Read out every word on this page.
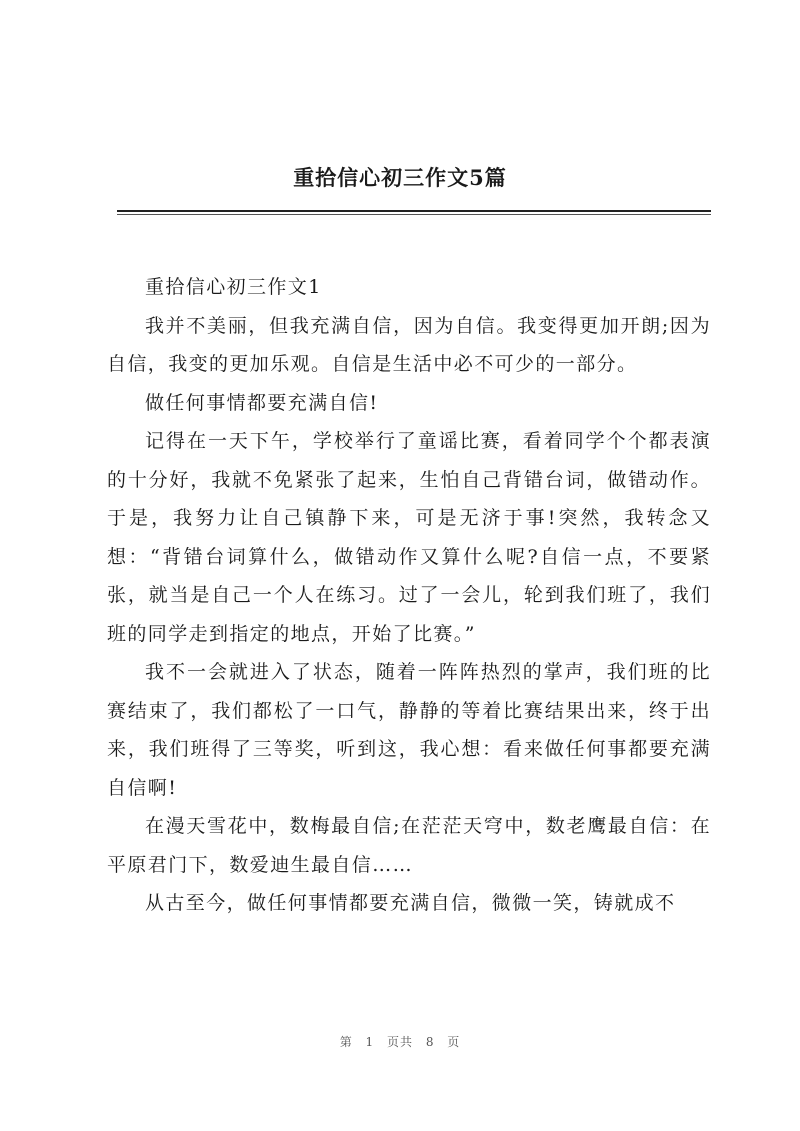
重拾信心初三作文5篇

重拾信心初三作文1

我并不美丽，但我充满自信，因为自信。我变得更加开朗;因为自信，我变的更加乐观。自信是生活中必不可少的一部分。

做任何事情都要充满自信!

记得在一天下午，学校举行了童谣比赛，看着同学个个都表演的十分好，我就不免紧张了起来，生怕自己背错台词，做错动作。于是，我努力让自己镇静下来，可是无济于事!突然，我转念又想：“背错台词算什么，做错动作又算什么呢?自信一点，不要紧张，就当是自己一个人在练习。过了一会儿，轮到我们班了，我们班的同学走到指定的地点，开始了比赛。”

我不一会就进入了状态，随着一阵阵热烈的掌声，我们班的比赛结束了，我们都松了一口气，静静的等着比赛结果出来，终于出来，我们班得了三等奖，听到这，我心想：看来做任何事都要充满自信啊!

在漫天雪花中，数梅最自信;在茫茫天穹中，数老鹰最自信：在平原君门下，数爱迪生最自信……

从古至今，做任何事情都要充满自信，微微一笑，铸就成不

第 1 页共 8 页
